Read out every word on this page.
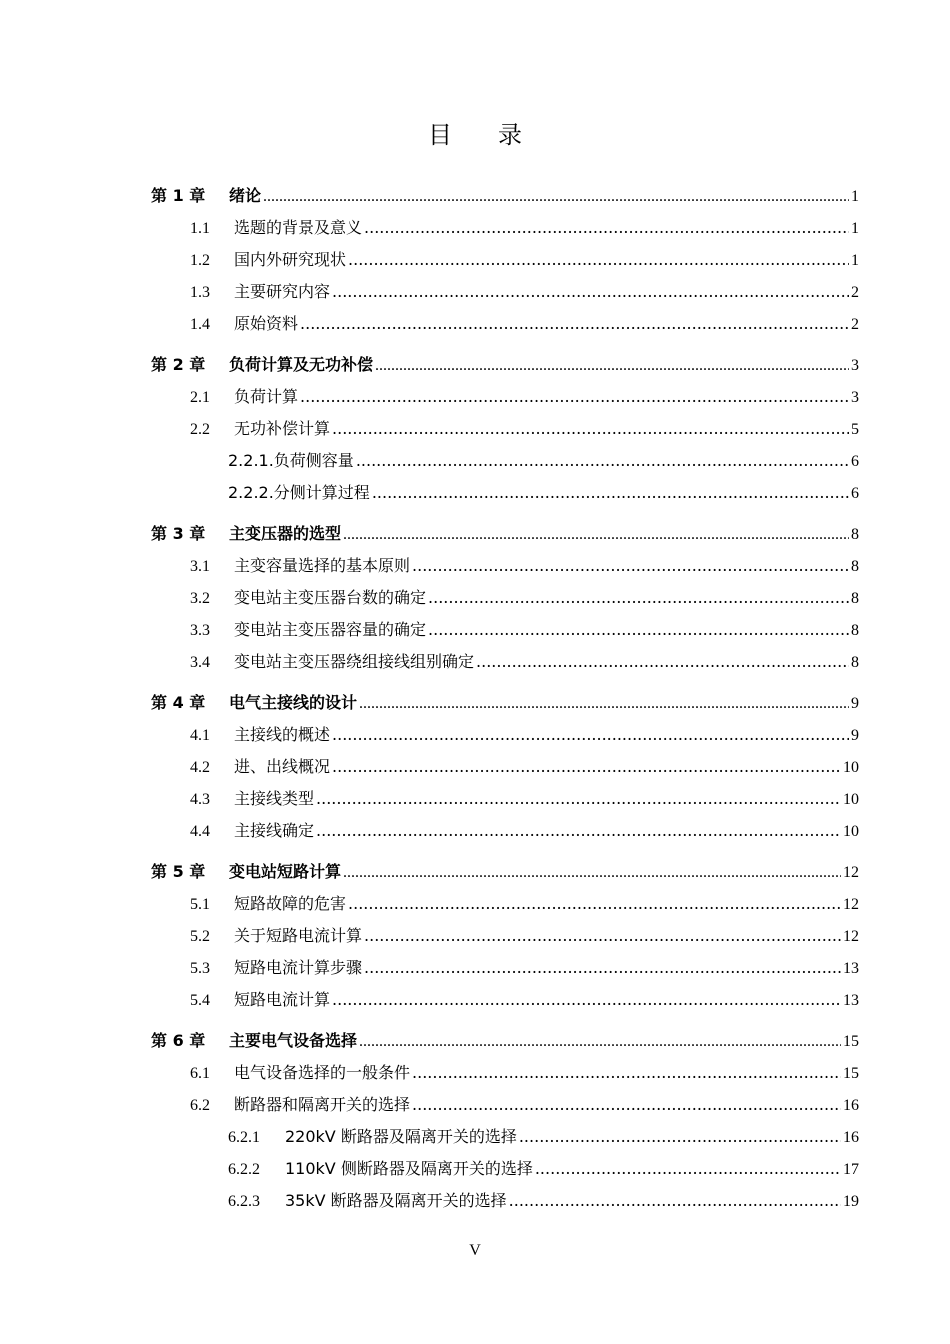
目 录
第 1 章	绪论 .....	1
1.1	选题的背景及意义 .....	1
1.2	国内外研究现状 .....	1
1.3	主要研究内容 .....	2
1.4	原始资料 .....	2
第 2 章	负荷计算及无功补偿 .....	3
2.1	负荷计算 .....	3
2.2	无功补偿计算 .....	5
2.2.1.负荷侧容量 .....	6
2.2.2.分侧计算过程 .....	6
第 3 章	主变压器的选型 .....	8
3.1	主变容量选择的基本原则 .....	8
3.2	变电站主变压器台数的确定 .....	8
3.3	变电站主变压器容量的确定 .....	8
3.4	变电站主变压器绕组接线组别确定 .....	8
第 4 章	电气主接线的设计 .....	9
4.1	主接线的概述 .....	9
4.2	进、出线概况 .....	10
4.3	主接线类型 .....	10
4.4	主接线确定 .....	10
第 5 章	变电站短路计算 .....	12
5.1	短路故障的危害 .....	12
5.2	关于短路电流计算 .....	12
5.3	短路电流计算步骤 .....	13
5.4	短路电流计算 .....	13
第 6 章	主要电气设备选择 .....	15
6.1	电气设备选择的一般条件 .....	15
6.2	断路器和隔离开关的选择 .....	16
6.2.1	220kV 断路器及隔离开关的选择 .....	16
6.2.2	110kV 侧断路器及隔离开关的选择 .....	17
6.2.3	35kV 断路器及隔离开关的选择 .....	19
V
